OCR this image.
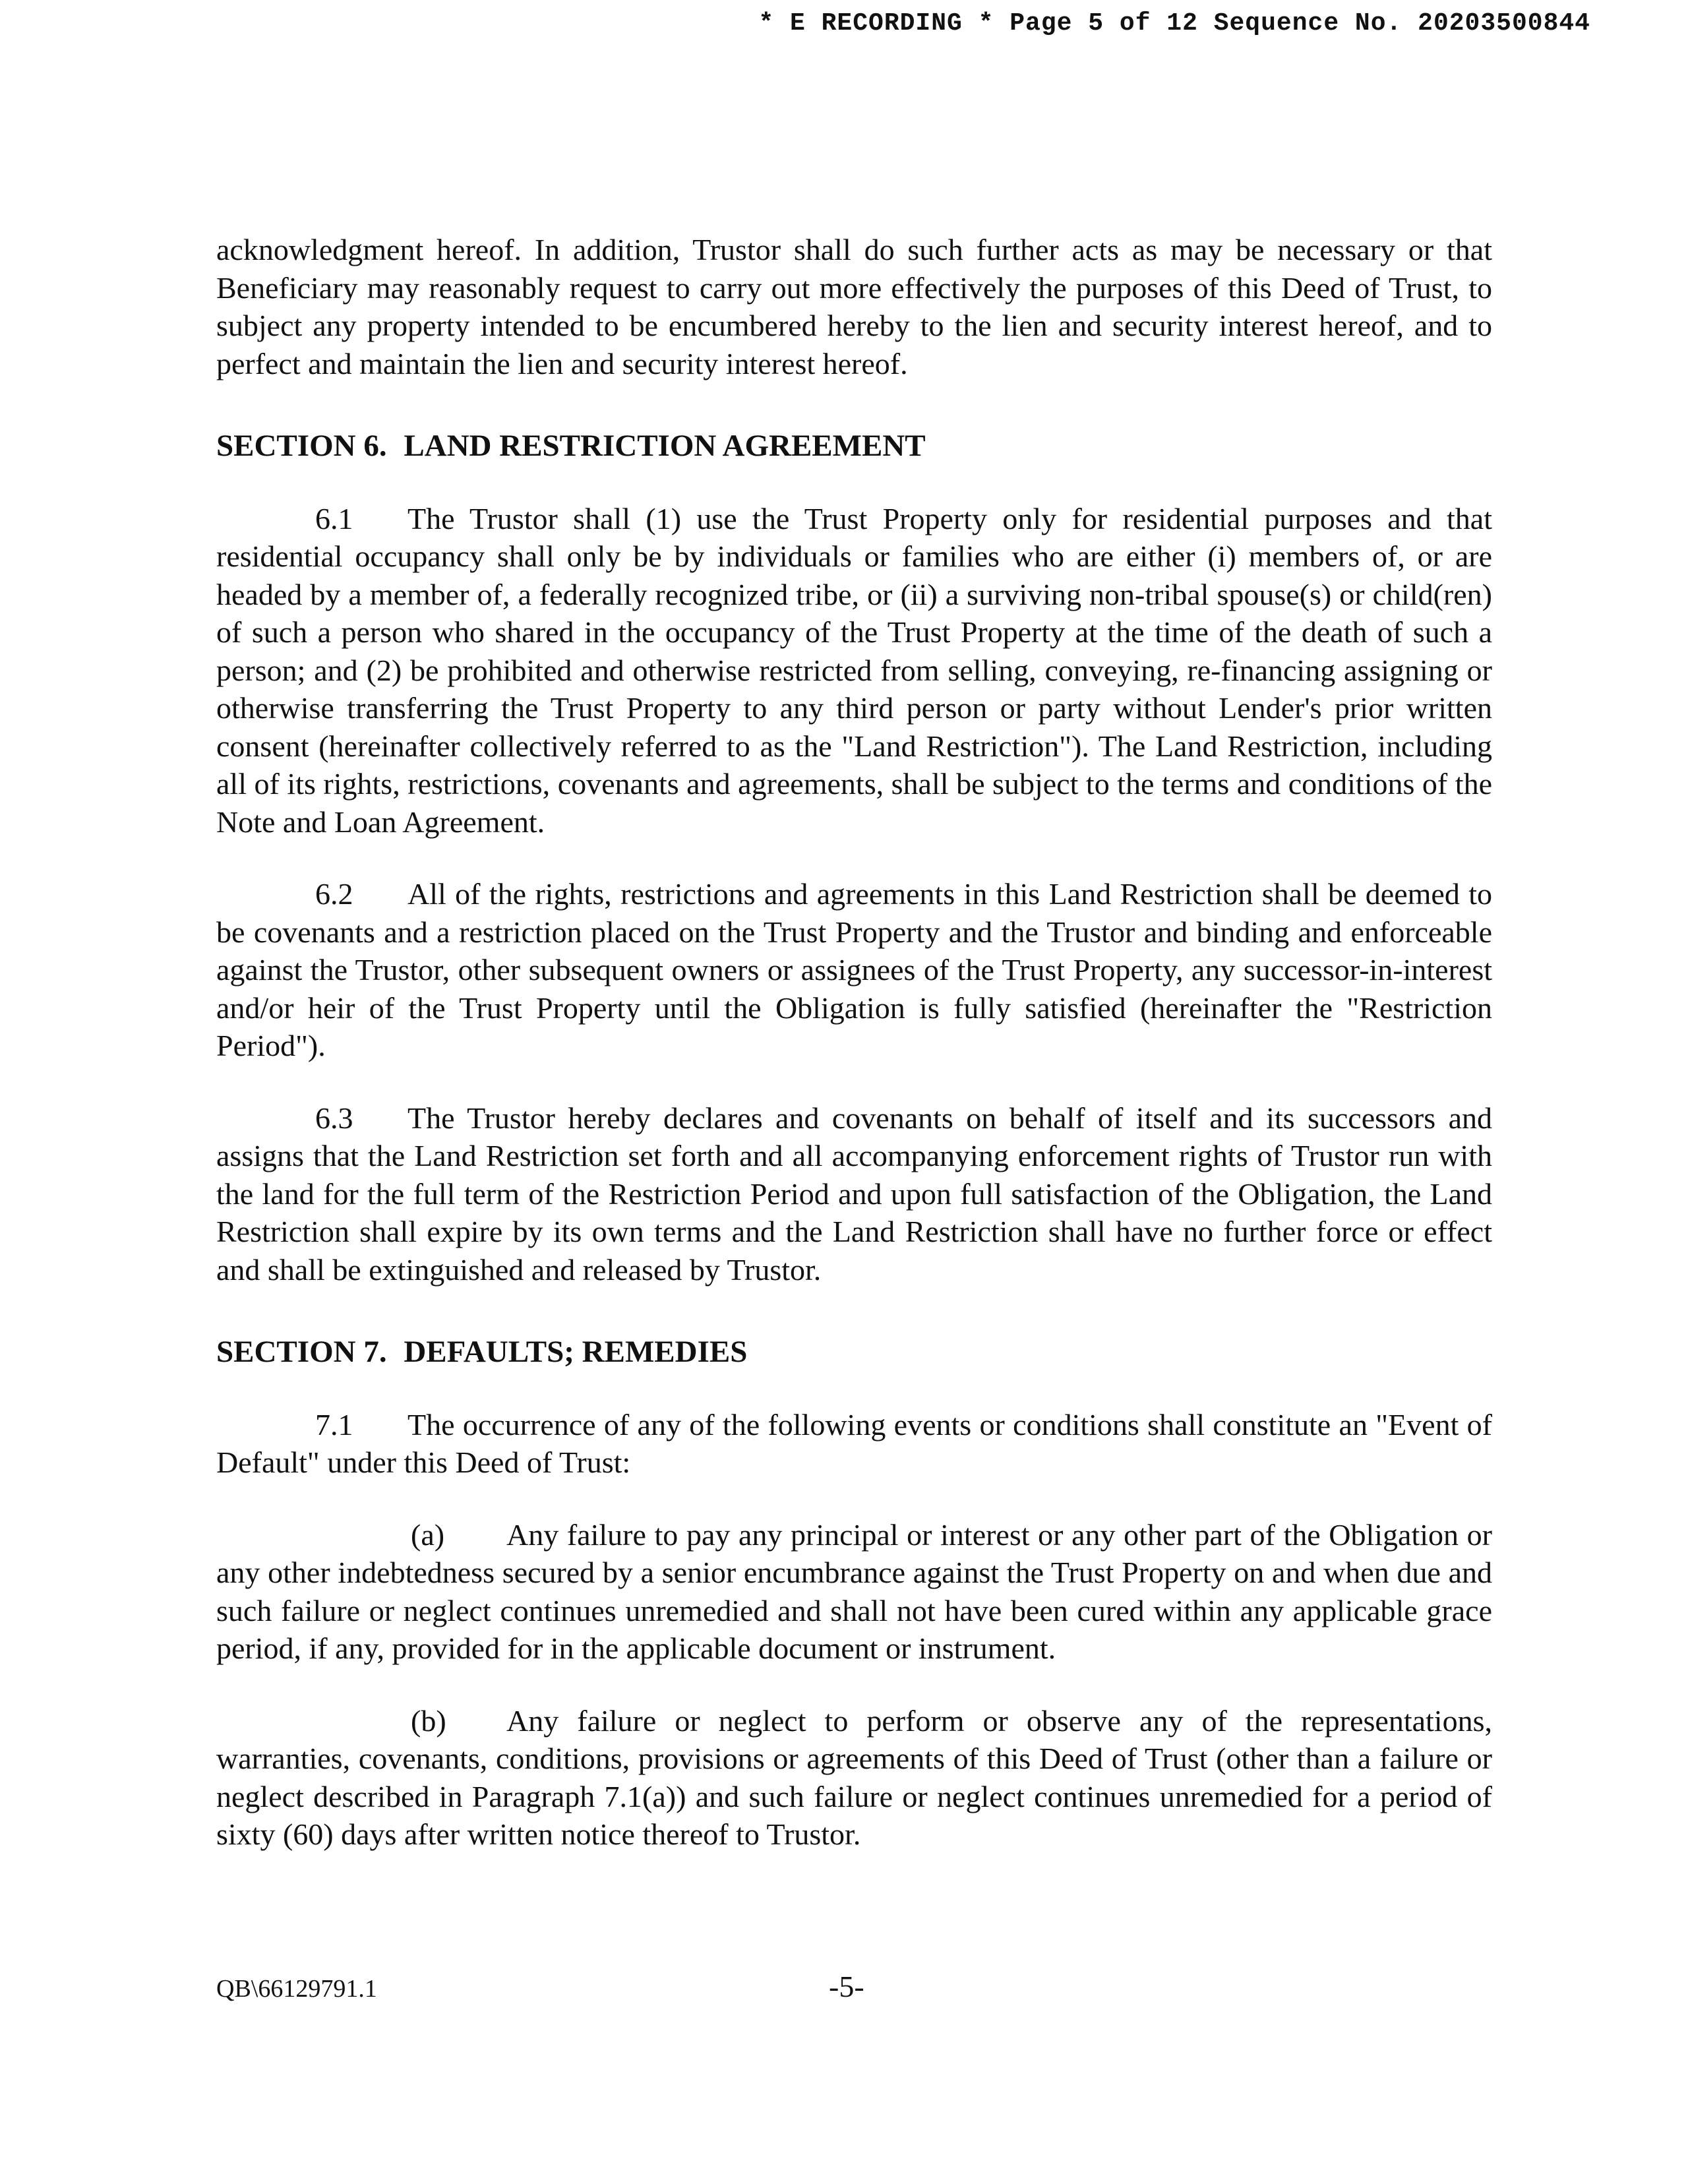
* E RECORDING * Page 5 of 12 Sequence No. 20203500844

acknowledgment hereof. In addition, Trustor shall do such further acts as may be necessary or that Beneficiary may reasonably request to carry out more effectively the purposes of this Deed of Trust, to subject any property intended to be encumbered hereby to the lien and security interest hereof, and to perfect and maintain the lien and security interest hereof.

SECTION 6. LAND RESTRICTION AGREEMENT

6.1 The Trustor shall (1) use the Trust Property only for residential purposes and that residential occupancy shall only be by individuals or families who are either (i) members of, or are headed by a member of, a federally recognized tribe, or (ii) a surviving non-tribal spouse(s) or child(ren) of such a person who shared in the occupancy of the Trust Property at the time of the death of such a person; and (2) be prohibited and otherwise restricted from selling, conveying, re-financing assigning or otherwise transferring the Trust Property to any third person or party without Lender's prior written consent (hereinafter collectively referred to as the "Land Restriction"). The Land Restriction, including all of its rights, restrictions, covenants and agreements, shall be subject to the terms and conditions of the Note and Loan Agreement.

6.2 All of the rights, restrictions and agreements in this Land Restriction shall be deemed to be covenants and a restriction placed on the Trust Property and the Trustor and binding and enforceable against the Trustor, other subsequent owners or assignees of the Trust Property, any successor-in-interest and/or heir of the Trust Property until the Obligation is fully satisfied (hereinafter the "Restriction Period").

6.3 The Trustor hereby declares and covenants on behalf of itself and its successors and assigns that the Land Restriction set forth and all accompanying enforcement rights of Trustor run with the land for the full term of the Restriction Period and upon full satisfaction of the Obligation, the Land Restriction shall expire by its own terms and the Land Restriction shall have no further force or effect and shall be extinguished and released by Trustor.

SECTION 7. DEFAULTS; REMEDIES

7.1 The occurrence of any of the following events or conditions shall constitute an "Event of Default" under this Deed of Trust:

(a) Any failure to pay any principal or interest or any other part of the Obligation or any other indebtedness secured by a senior encumbrance against the Trust Property on and when due and such failure or neglect continues unremedied and shall not have been cured within any applicable grace period, if any, provided for in the applicable document or instrument.

(b) Any failure or neglect to perform or observe any of the representations, warranties, covenants, conditions, provisions or agreements of this Deed of Trust (other than a failure or neglect described in Paragraph 7.1(a)) and such failure or neglect continues unremedied for a period of sixty (60) days after written notice thereof to Trustor.

QB\66129791.1	-5-
